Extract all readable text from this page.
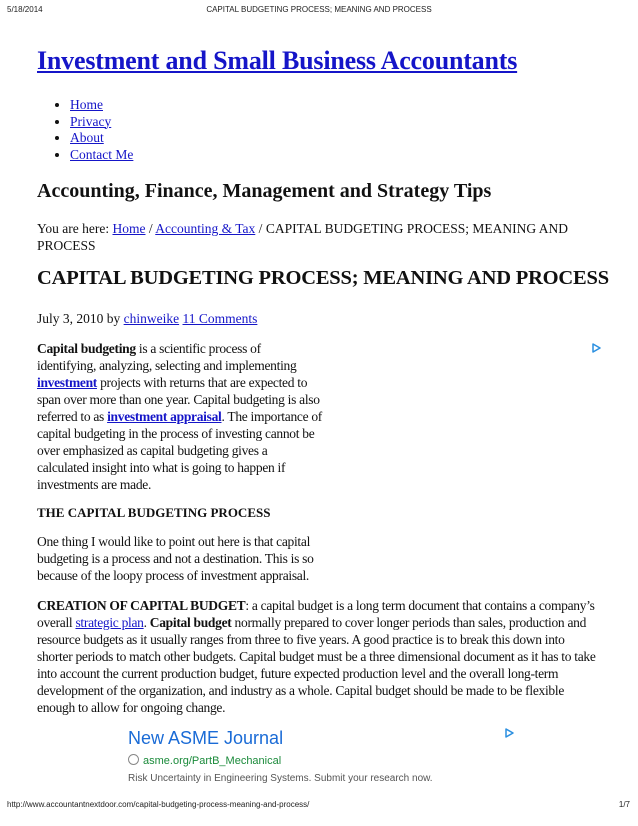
5/18/2014	CAPITAL BUDGETING PROCESS; MEANING AND PROCESS
Investment and Small Business Accountants
• Home
• Privacy
• About
• Contact Me
Accounting, Finance, Management and Strategy Tips
You are here: Home / Accounting & Tax / CAPITAL BUDGETING PROCESS; MEANING AND PROCESS
CAPITAL BUDGETING PROCESS; MEANING AND PROCESS
July 3, 2010 by chinweike 11 Comments
Capital budgeting is a scientific process of identifying, analyzing, selecting and implementing investment projects with returns that are expected to span over more than one year. Capital budgeting is also referred to as investment appraisal. The importance of capital budgeting in the process of investing cannot be over emphasized as capital budgeting gives a calculated insight into what is going to happen if investments are made.
THE CAPITAL BUDGETING PROCESS
One thing I would like to point out here is that capital budgeting is a process and not a destination. This is so because of the loopy process of investment appraisal.
CREATION OF CAPITAL BUDGET: a capital budget is a long term document that contains a company’s overall strategic plan. Capital budget normally prepared to cover longer periods than sales, production and resource budgets as it usually ranges from three to five years. A good practice is to break this down into shorter periods to match other budgets. Capital budget must be a three dimensional document as it has to take into account the current production budget, future expected production level and the overall long-term development of the organization, and industry as a whole. Capital budget should be made to be flexible enough to allow for ongoing change.
New ASME Journal
asme.org/PartB_Mechanical
Risk Uncertainty in Engineering Systems. Submit your research now.
http://www.accountantnextdoor.com/capital-budgeting-process-meaning-and-process/	1/7
